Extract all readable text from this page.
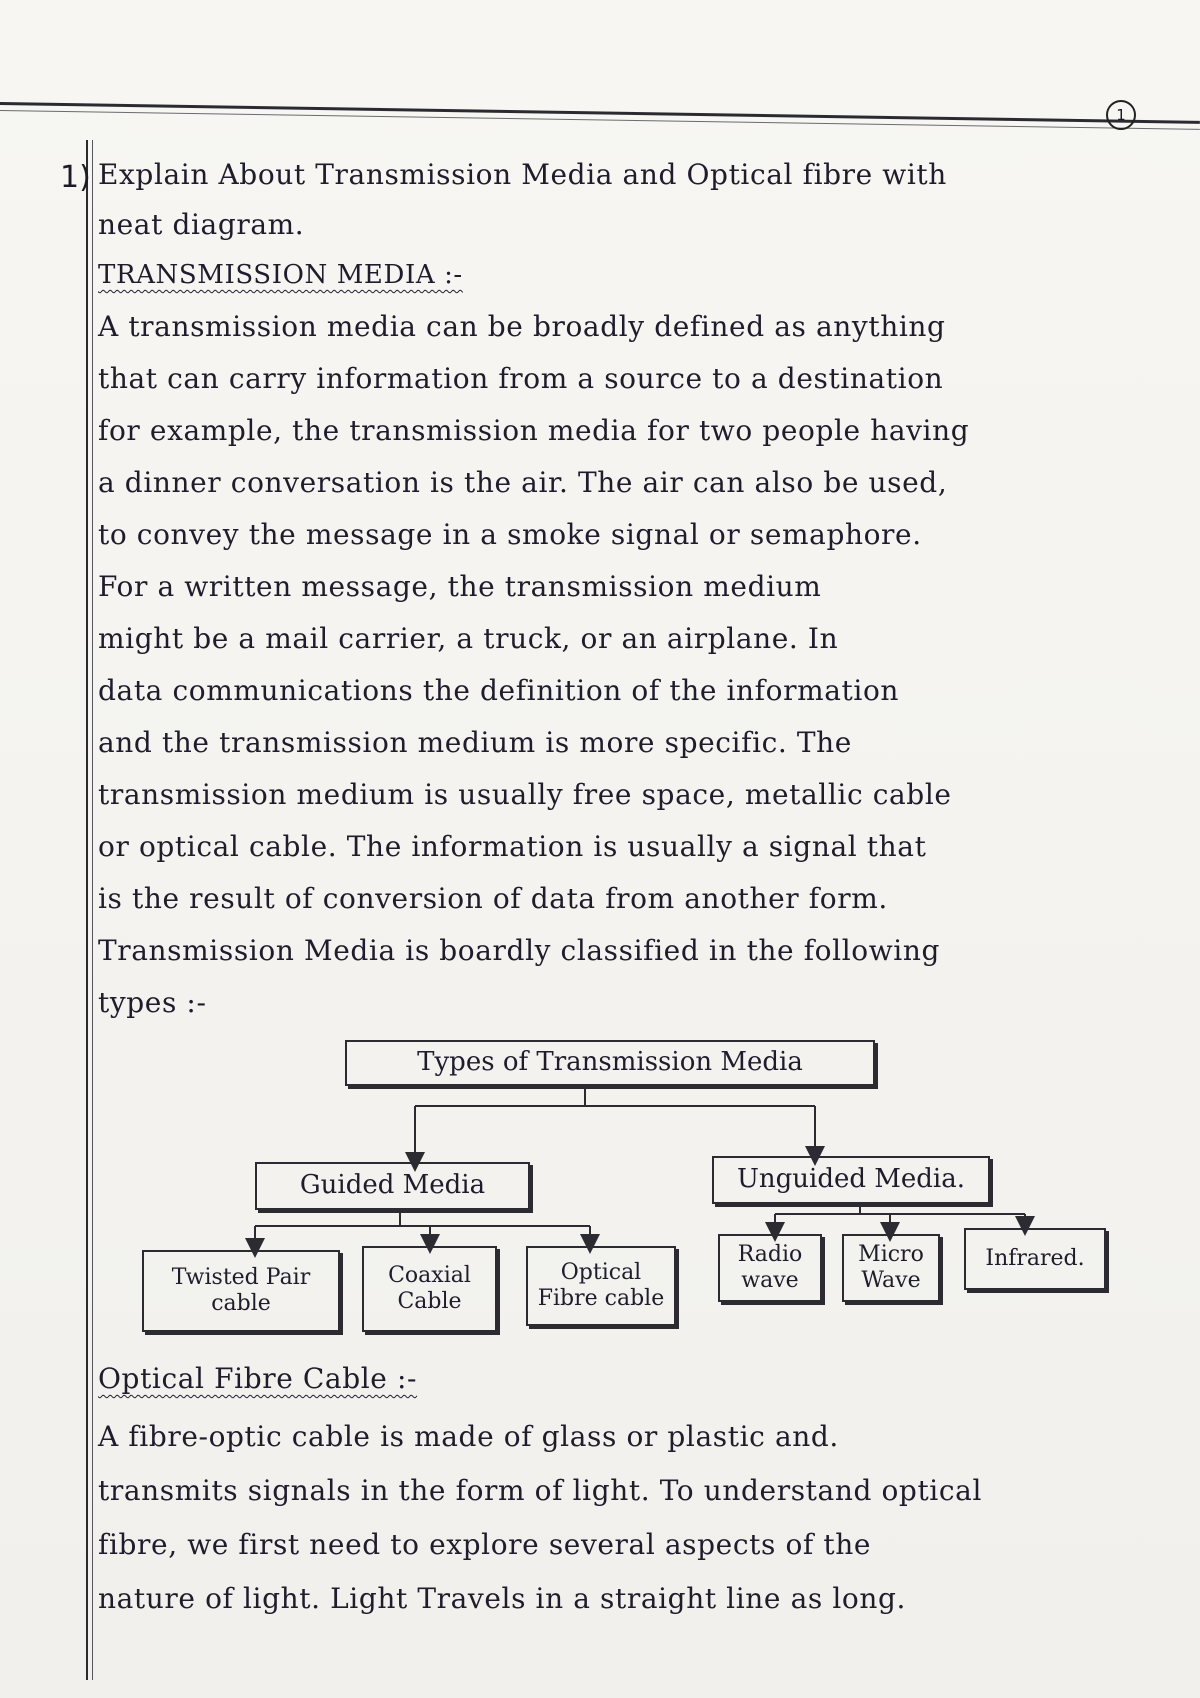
1
1) Explain About Transmission Media and Optical fibre with
neat diagram.
TRANSMISSION MEDIA :-
A transmission media can be broadly defined as anything
that can carry information from a source to a destination
for example, the transmission media for two people having
a dinner conversation is the air. The air can also be used,
to convey the message in a smoke signal or semaphore.
For a written message, the transmission medium
might be a mail carrier, a truck, or an airplane. In
data communications the definition of the information
and the transmission medium is more specific. The
transmission medium is usually free space, metallic cable
or optical cable. The information is usually a signal that
is the result of conversion of data from another form.
Transmission Media is boardly classified in the following
types :-
Types of Transmission Media
Guided Media	Unguided Media.
Twisted Pair cable
Coaxial Cable
Optical Fibre cable
Radio wave
Micro Wave
Infrared.
Optical Fibre Cable :-
A fibre-optic cable is made of glass or plastic and.
transmits signals in the form of light. To understand optical
fibre, we first need to explore several aspects of the
nature of light. Light Travels in a straight line as long.
